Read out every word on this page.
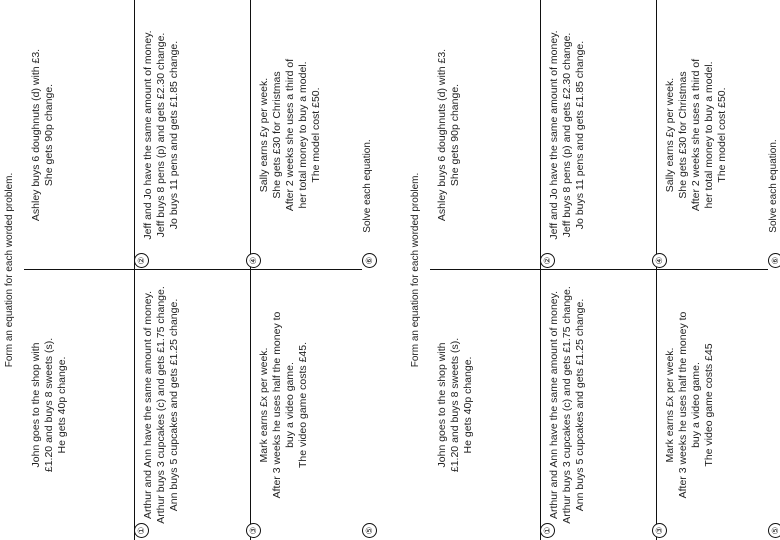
Form an equation for each worded problem.
John goes to the shop with £1.20 and buys 8 sweets (s). He gets 40p change.
①
Ashley buys 6 doughnuts (d) with £3. She gets 90p change.
②
Arthur and Ann have the same amount of money. Arthur buys 3 cupcakes (c) and gets £1.75 change. Ann buys 5 cupcakes and gets £1.25 change.
③
Jeff and Jo have the same amount of money. Jeff buys 8 pens (p) and gets £2.30 change. Jo buys 11 pens and gets £1.85 change.
④
Mark earns £x per week. After 3 weeks he uses half the money to buy a video game. The video game costs £45.
⑤
Sally earns £y per week. She gets £30 for Christmas After 2 weeks she uses a third of her total money to buy a model. The model cost £50.
⑥
Solve each equation.	Form an equation for each worded problem.
John goes to the shop with £1.20 and buys 8 sweets (s). He gets 40p change.
①
Ashley buys 6 doughnuts (d) with £3. She gets 90p change.
②
Arthur and Ann have the same amount of money. Arthur buys 3 cupcakes (c) and gets £1.75 change. Ann buys 5 cupcakes and gets £1.25 change.
③
Jeff and Jo have the same amount of money. Jeff buys 8 pens (p) and gets £2.30 change. Jo buys 11 pens and gets £1.85 change.
④
Mark earns £x per week. After 3 weeks he uses half the money to buy a video game. The video game costs £45
⑤
Sally earns £y per week. She gets £30 for Christmas After 2 weeks she uses a third of her total money to buy a model. The model cost £50.
⑥
Solve each equation.
